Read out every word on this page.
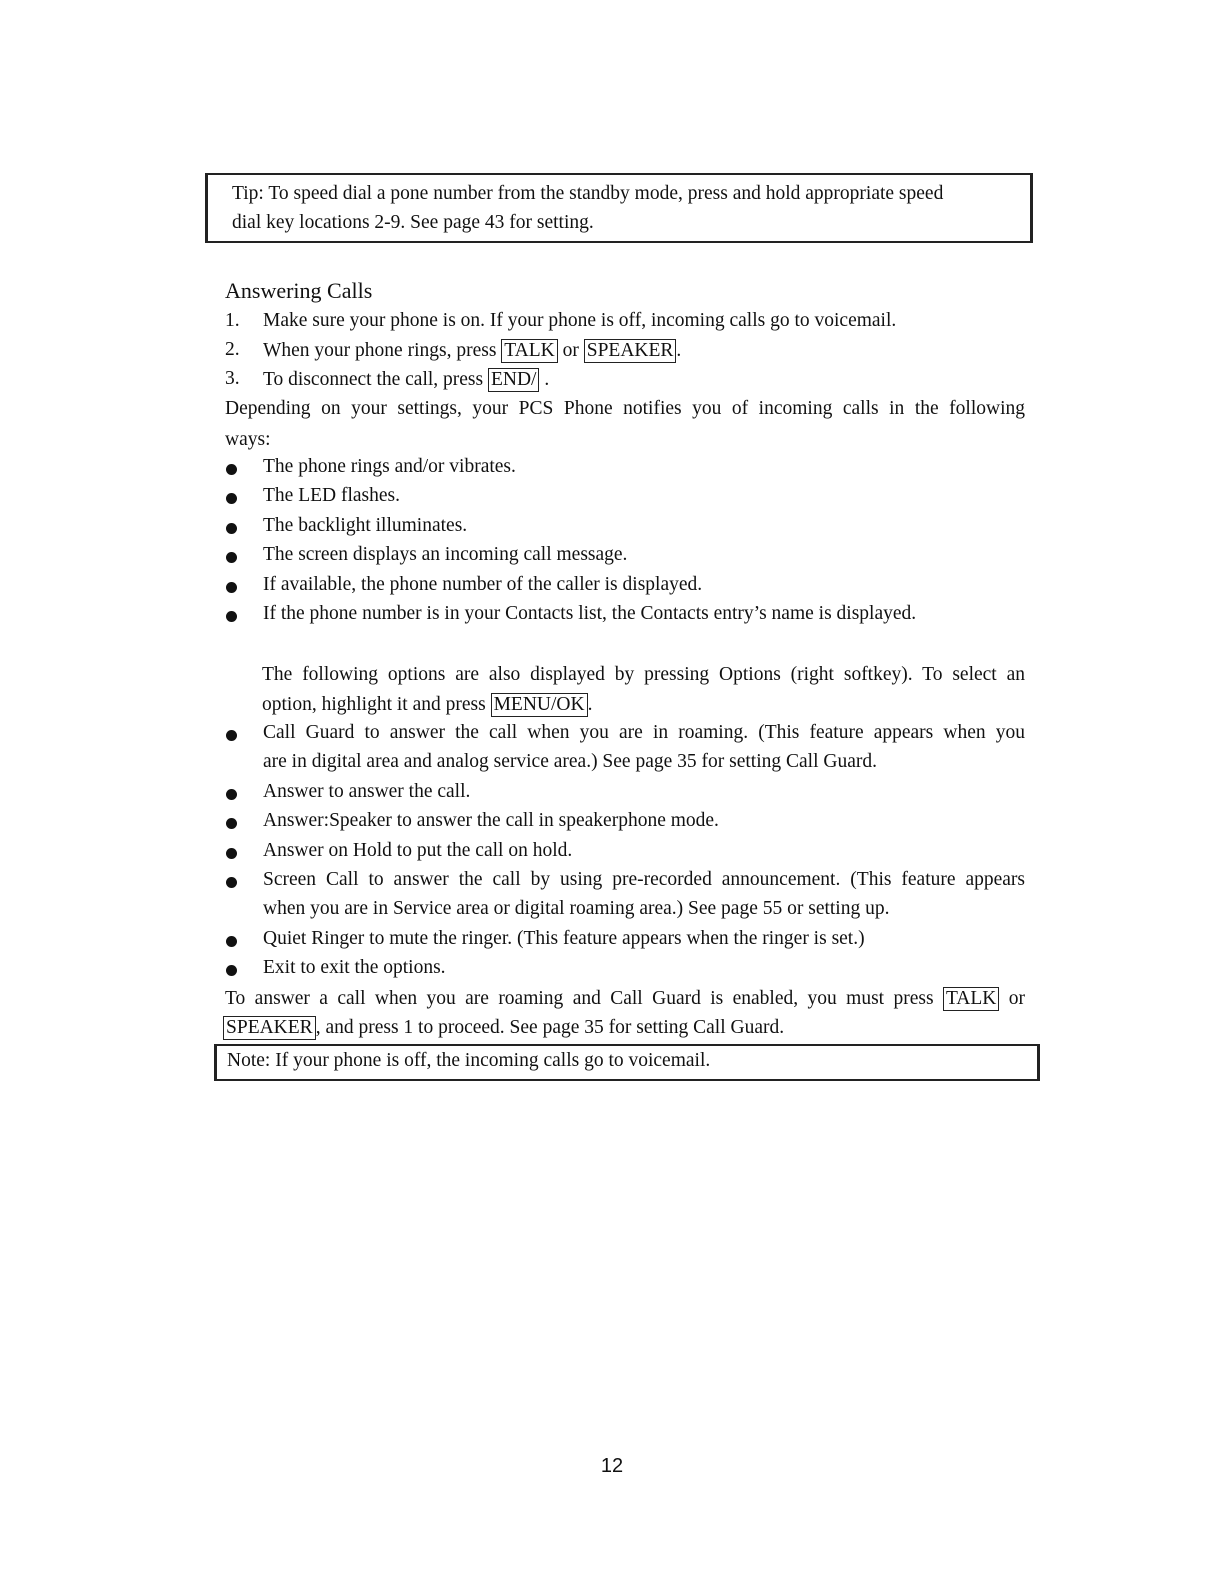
Tip: To speed dial a pone number from the standby mode, press and hold appropriate speed
dial key locations 2-9. See page 43 for setting.
Answering Calls
1. Make sure your phone is on. If your phone is off, incoming calls go to voicemail.
2. When your phone rings, press TALK or SPEAKER .
3. To disconnect the call, press END/ .
Depending on your settings, your PCS Phone notifies you of incoming calls in the following
ways:
The phone rings and/or vibrates.
The LED flashes.
The backlight illuminates.
The screen displays an incoming call message.
If available, the phone number of the caller is displayed.
If the phone number is in your Contacts list, the Contacts entry’s name is displayed.
The following options are also displayed by pressing Options (right softkey). To select an
option, highlight it and press MENU/OK .
Call Guard to answer the call when you are in roaming. (This feature appears when you
are in digital area and analog service area.) See page 35 for setting Call Guard.
Answer to answer the call.
Answer:Speaker to answer the call in speakerphone mode.
Answer on Hold to put the call on hold.
Screen Call to answer the call by using pre-recorded announcement. (This feature appears
when you are in Service area or digital roaming area.) See page 55 or setting up.
Quiet Ringer to mute the ringer. (This feature appears when the ringer is set.)
Exit to exit the options.
To answer a call when you are roaming and Call Guard is enabled, you must press TALK or
SPEAKER , and press 1 to proceed. See page 35 for setting Call Guard.
Note: If your phone is off, the incoming calls go to voicemail.
12
